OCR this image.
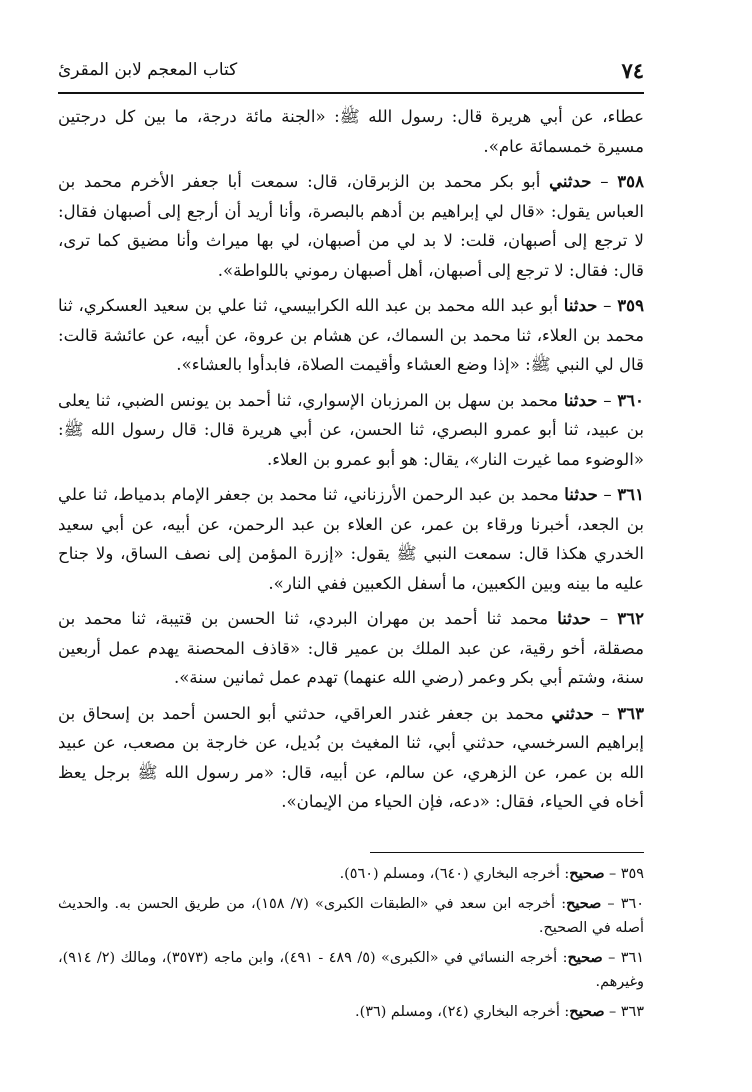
٧٤
كتاب المعجم لابن المقرئ

عطاء، عن أبي هريرة قال: رسول الله ﷺ: «الجنة مائة درجة، ما بين كل درجتين مسيرة خمسمائة عام».

٣٥٨ – حدثني أبو بكر محمد بن الزبرقان، قال: سمعت أبا جعفر الأخرم محمد بن العباس يقول: «قال لي إبراهيم بن أدهم بالبصرة، وأنا أريد أن أرجع إلى أصبهان فقال: لا ترجع إلى أصبهان، قلت: لا بد لي من أصبهان، لي بها ميراث وأنا مضيق كما ترى، قال: فقال: لا ترجع إلى أصبهان، أهل أصبهان رموني باللواطة».

٣٥٩ – حدثنا أبو عبد الله محمد بن عبد الله الكرابيسي، ثنا علي بن سعيد العسكري، ثنا محمد بن العلاء، ثنا محمد بن السماك، عن هشام بن عروة، عن أبيه، عن عائشة قالت: قال لي النبي ﷺ: «إذا وضع العشاء وأقيمت الصلاة، فابدأوا بالعشاء».

٣٦٠ – حدثنا محمد بن سهل بن المرزبان الإسواري، ثنا أحمد بن يونس الضبي، ثنا يعلى بن عبيد، ثنا أبو عمرو البصري، ثنا الحسن، عن أبي هريرة قال: قال رسول الله ﷺ: «الوضوء مما غيرت النار»، يقال: هو أبو عمرو بن العلاء.

٣٦١ – حدثنا محمد بن عبد الرحمن الأرزناني، ثنا محمد بن جعفر الإمام بدمياط، ثنا علي بن الجعد، أخبرنا ورقاء بن عمر، عن العلاء بن عبد الرحمن، عن أبيه، عن أبي سعيد الخدري هكذا قال: سمعت النبي ﷺ يقول: «إزرة المؤمن إلى نصف الساق، ولا جناح عليه ما بينه وبين الكعبين، ما أسفل الكعبين ففي النار».

٣٦٢ – حدثنا محمد ثنا أحمد بن مهران البردي، ثنا الحسن بن قتيبة، ثنا محمد بن مصقلة، أخو رقية، عن عبد الملك بن عمير قال: «قاذف المحصنة يهدم عمل أربعين سنة، وشتم أبي بكر وعمر (رضي الله عنهما) تهدم عمل ثمانين سنة».

٣٦٣ – حدثني محمد بن جعفر غندر العراقي، حدثني أبو الحسن أحمد بن إسحاق بن إبراهيم السرخسي، حدثني أبي، ثنا المغيث بن بُديل، عن خارجة بن مصعب، عن عبيد الله بن عمر، عن الزهري، عن سالم، عن أبيه، قال: «مر رسول الله ﷺ برجل يعظ أخاه في الحياء، فقال: «دعه، فإن الحياء من الإيمان».

٣٥٩ – صحيح: أخرجه البخاري (٦٤٠)، ومسلم (٥٦٠).

٣٦٠ – صحيح: أخرجه ابن سعد في «الطبقات الكبرى» (٧/ ١٥٨)، من طريق الحسن به. والحديث أصله في الصحيح.

٣٦١ – صحيح: أخرجه النسائي في «الكبرى» (٥/ ٤٨٩ - ٤٩١)، وابن ماجه (٣٥٧٣)، ومالك (٢/ ٩١٤)، وغيرهم.

٣٦٣ – صحيح: أخرجه البخاري (٢٤)، ومسلم (٣٦).
